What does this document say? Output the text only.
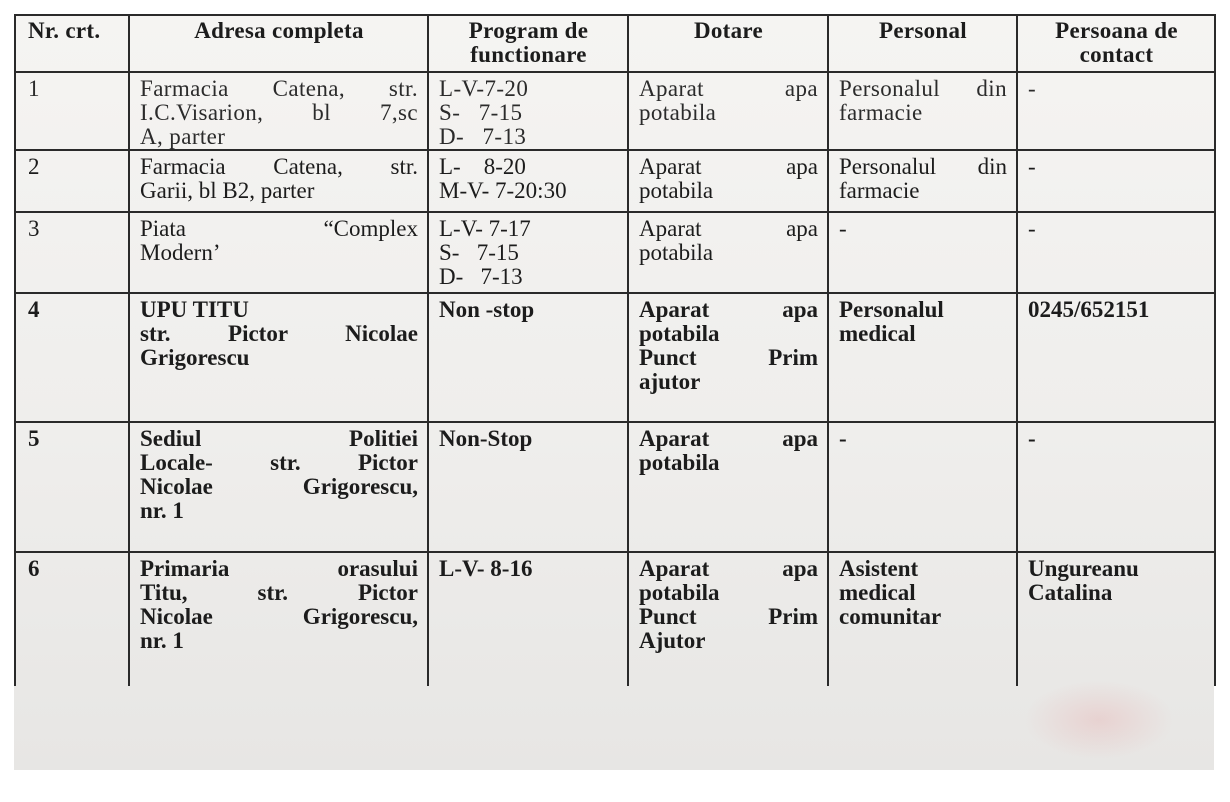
Nr. crt.	Adresa completa	Program de
functionare	Dotare	Personal	Persoana de
contact

1	Farmacia Catena, str.
I.C.Visarion, bl 7,sc
A, parter	L-V-7-20
S-   7-15
D-   7-13	Aparat apa
potabila	Personalul din
farmacie	-
2	Farmacia Catena, str.
Garii, bl B2, parter	L-    8-20
M-V- 7-20:30	Aparat apa
potabila	Personalul din
farmacie	-
3	Piata “Complex
Modern’	L-V- 7-17
S-   7-15
D-   7-13	Aparat apa
potabila	-	-
4	UPU TITU
str. Pictor Nicolae
Grigorescu	Non -stop	Aparat apa
potabila
Punct Prim
ajutor	Personalul
medical	0245/652151
5	Sediul Politiei
Locale- str. Pictor
Nicolae Grigorescu,
nr. 1	Non-Stop	Aparat apa
potabila	-	-
6	Primaria orasului
Titu, str. Pictor
Nicolae Grigorescu,
nr. 1	L-V- 8-16	Aparat apa
potabila
Punct Prim
Ajutor	Asistent
medical
comunitar	Ungureanu
Catalina
